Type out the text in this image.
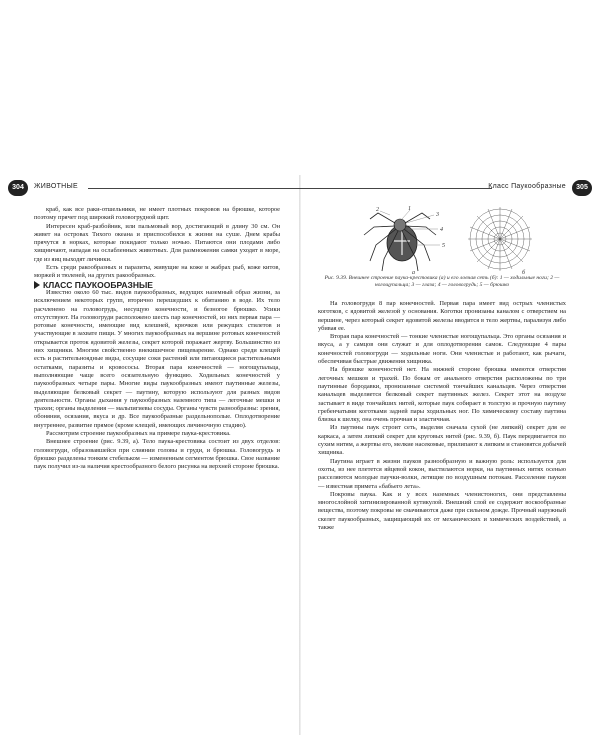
304	ЖИВОТНЫЕ	Класс Паукообразные	305

краб, как все раки-отшельники, не имеет плотных покровов на брюшке, которое поэтому прячет под широкий головогрудной щит.

Интересен краб-разбойник, или пальмовый вор, достигающий в длину 30 см. Он живет на островах Тихого океана и приспособился к жизни на суше. Днем крабы прячутся в норках, которые покидают только ночью. Питаются они плодами либо хищничают, нападая на ослабленных животных. Для размножения самки уходят в море, где из яиц выходят личинки.

Есть среди ракообразных и паразиты, живущие на коже и жабрах рыб, коже китов, моржей и тюленей, на других ракообразных.

КЛАСС ПАУКООБРАЗНЫЕ

Известно около 60 тыс. видов паукообразных, ведущих наземный образ жизни, за исключением некоторых групп, вторично перешедших к обитанию в воде. Их тело расчленено на головогрудь, несущую конечности, и безногое брюшко. Усики отсутствуют. На головогруди расположено шесть пар конечностей, из них первая пара — ротовые конечности, имеющие вид клешней, крючков или режущих стилетов и участвующие в захвате пищи. У многих паукообразных на вершине ротовых конечностей открывается проток ядовитой железы, секрет которой поражает жертву. Большинство из них хищники. Многим свойственно внекишечное пищеварение. Однако среди клещей есть и растительноядные виды, сосущие соки растений или питающиеся растительными остатками, паразиты и кровососы. Вторая пара конечностей — ногощупальца, выполняющие чаще всего осязательную функцию. Ходильных конечностей у паукообразных четыре пары. Многие виды паукообразных имеют паутинные железы, выделяющие белковый секрет — паутину, которую используют для разных видов деятельности. Органы дыхания у паукообразных наземного типа — легочные мешки и трахеи; органы выделения — мальпигиевы сосуды. Органы чувств разнообразны: зрения, обоняния, осязания, вкуса и др. Все паукообразные раздельнополые. Оплодотворение внутреннее, развитие прямое (кроме клещей, имеющих личиночную стадию).

Рассмотрим строение паукообразных на примере паука-крестовика.

Внешнее строение (рис. 9.39, а). Тело паука-крестовика состоит из двух отделов: головогруди, образовавшейся при слиянии головы и груди, и брюшка. Головогрудь и брюшко разделены тонким стебельком — измененным сегментом брюшка. Свое название паук получил из-за наличия крестообразного белого рисунка на верхней стороне брюшка.

2	1
3
4
5
а	б
Рис. 9.39. Внешнее строение паука-крестовика (а) и его ловчая сеть (б): 1 — ходильные ноги; 2 — ногощупальца; 3 — глаза; 4 — головогрудь; 5 — брюшко

На головогруди 8 пар конечностей. Первая пара имеет вид острых членистых коготков, с ядовитой железой у основания. Коготки пронизаны каналом с отверстием на вершине, через который секрет ядовитой железы вводится в тело жертвы, парализуя либо убивая ее.

Вторая пара конечностей — тонкие членистые ногощупальца. Это органы осязания и вкуса, а у самцов они служат и для оплодотворения самок. Следующие 4 пары конечностей головогруди — ходильные ноги. Они членистые и работают, как рычаги, обеспечивая быстрые движения хищника.

На брюшке конечностей нет. На нижней стороне брюшка имеются отверстия легочных мешков и трахей. По бокам от анального отверстия расположены по три паутинные бородавки, пронизанные системой тончайших канальцев. Через отверстия канальцев выделяется белковый секрет паутинных желез. Секрет этот на воздухе застывает в виде тончайших нитей, которые паук собирает в толстую и прочную паутину гребенчатыми коготками задней пары ходильных ног. По химическому составу паутина близка к шелку, она очень прочная и эластичная.

Из паутины паук строит сеть, выделяя сначала сухой (не липкий) секрет для ее каркаса, а затем липкий секрет для круговых нитей (рис. 9.39, б). Паук передвигается по сухим нитям, а жертвы его, мелкие насекомые, прилипают к липким и становятся добычей хищника.

Паутина играет в жизни пауков разнообразную и важную роль: используется для охоты, из нее плетется яйцевой кокон, выстилаются норки, на паутинных нитях осенью расселяются молодые паучки-волки, летящие по воздушным потокам. Расселение пауков — известная примета «бабьего лета».

Покровы паука. Как и у всех наземных членистоногих, они представлены многослойной хитинизированной кутикулой. Внешний слой ее содержит воскообразные вещества, поэтому покровы не смачиваются даже при сильном дожде. Прочный наружный скелет паукообразных, защищающий их от механических и химических воздействий, а также
